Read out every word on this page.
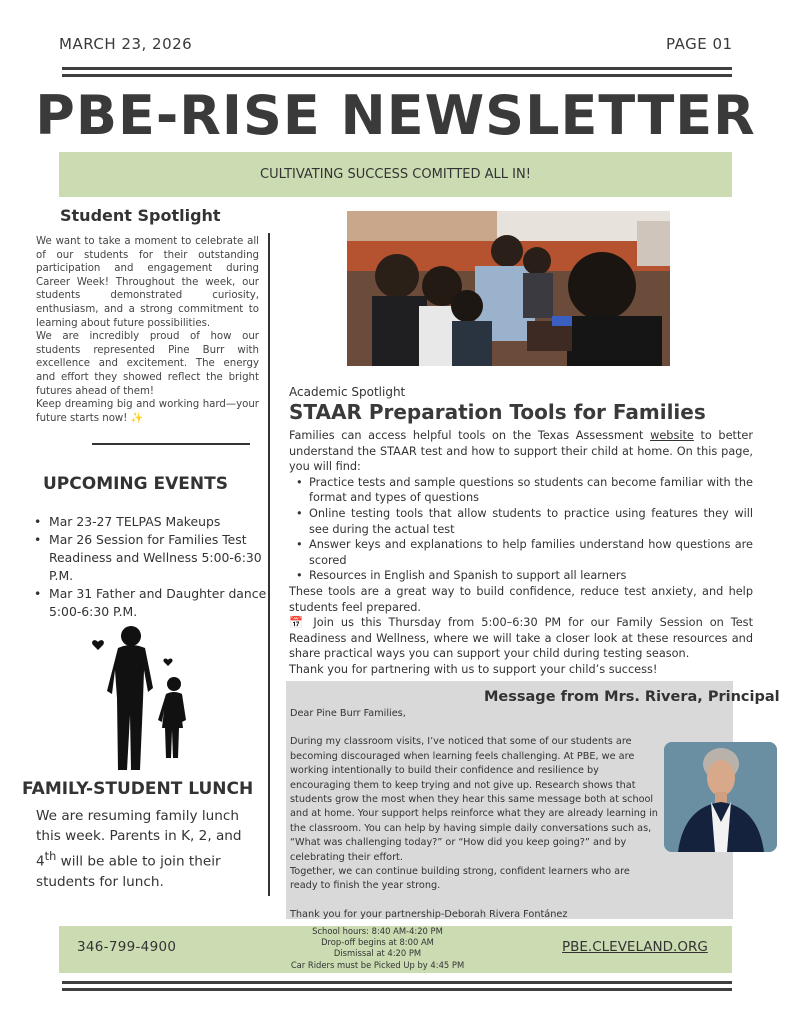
MARCH 23, 2026	PAGE 01
PBE-RISE NEWSLETTER
CULTIVATING SUCCESS COMITTED ALL IN!
Student Spotlight

We want to take a moment to celebrate all of our students for their outstanding participation and engagement during Career Week! Throughout the week, our students demonstrated curiosity, enthusiasm, and a strong commitment to learning about future possibilities.

We are incredibly proud of how our students represented Pine Burr with excellence and excitement. The energy and effort they showed reflect the bright futures ahead of them!

Keep dreaming big and working hard—your future starts now! ✨

UPCOMING EVENTS
• Mar 23-27 TELPAS Makeups
• Mar 26 Session for Families Test Readiness and Wellness 5:00-6:30 P.M.
• Mar 31 Father and Daughter dance 5:00-6:30 P.M.
FAMILY-STUDENT LUNCH
We are resuming family lunch this week. Parents in K, 2, and 4th will be able to join their students for lunch.
Academic Spotlight
STAAR Preparation Tools for Families

Families can access helpful tools on the Texas Assessment website to better understand the STAAR test and how to support their child at home. On this page, you will find:

• Practice tests and sample questions so students can become familiar with the format and types of questions
• Online testing tools that allow students to practice using features they will see during the actual test
• Answer keys and explanations to help families understand how questions are scored
• Resources in English and Spanish to support all learners

These tools are a great way to build confidence, reduce test anxiety, and help students feel prepared.

📅 Join us this Thursday from 5:00–6:30 PM for our Family Session on Test Readiness and Wellness, where we will take a closer look at these resources and share practical ways you can support your child during testing season.

Thank you for partnering with us to support your child’s success!

Message from Mrs. Rivera, Principal

Dear Pine Burr Families,

During my classroom visits, I’ve noticed that some of our students are becoming discouraged when learning feels challenging. At PBE, we are working intentionally to build their confidence and resilience by encouraging them to keep trying and not give up. Research shows that students grow the most when they hear this same message both at school and at home. Your support helps reinforce what they are already learning in the classroom. You can help by having simple daily conversations such as, “What was challenging today?” or “How did you keep going?” and by celebrating their effort.

Together, we can continue building strong, confident learners who are ready to finish the year strong.

Thank you for your partnership-Deborah Rivera Fontánez

346-799-4900
School hours: 8:40 AM-4:20 PM
Drop-off begins at 8:00 AM
Dismissal at 4:20 PM
Car Riders must be Picked Up by 4:45 PM
PBE.CLEVELAND.ORG
